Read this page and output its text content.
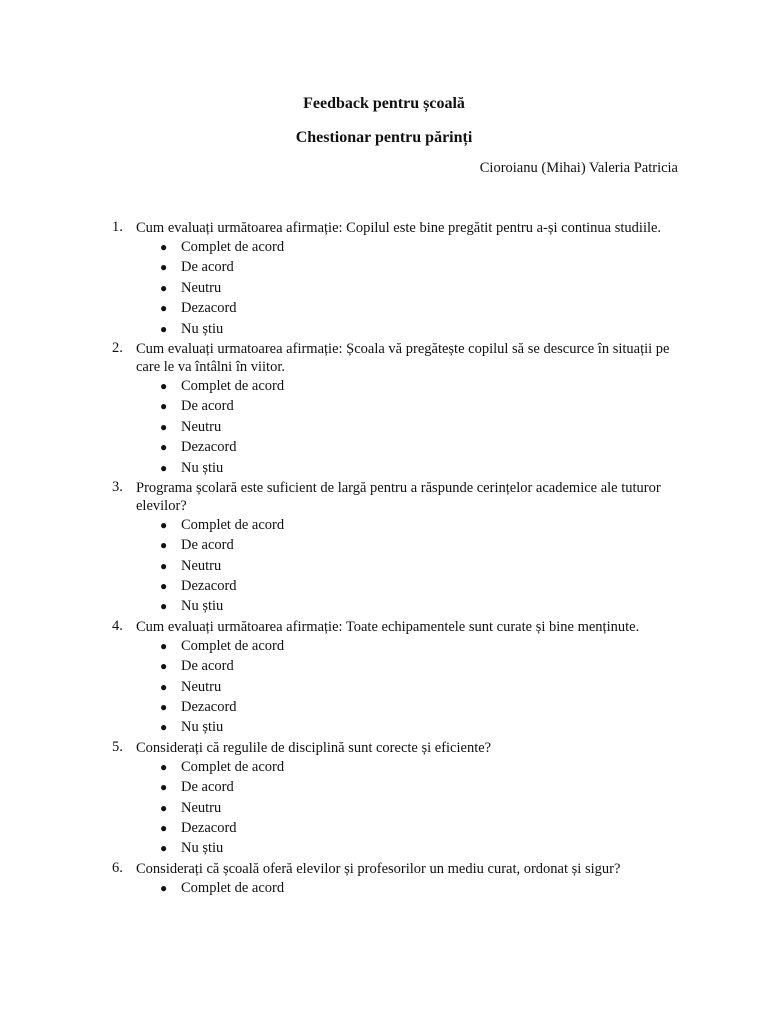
Feedback pentru școală
Chestionar pentru părinți
Cioroianu (Mihai) Valeria Patricia
1. Cum evaluați următoarea afirmație: Copilul este bine pregătit pentru a-și continua studiile.
● Complet de acord
● De acord
● Neutru
● Dezacord
● Nu știu
2. Cum evaluați urmatoarea afirmație: Școala vă pregătește copilul să se descurce în situații pe care le va întâlni în viitor.
● Complet de acord
● De acord
● Neutru
● Dezacord
● Nu știu
3. Programa școlară este suficient de largă pentru a răspunde cerințelor academice ale tuturor elevilor?
● Complet de acord
● De acord
● Neutru
● Dezacord
● Nu știu
4. Cum evaluați următoarea afirmație: Toate echipamentele sunt curate și bine menținute.
● Complet de acord
● De acord
● Neutru
● Dezacord
● Nu știu
5. Considerați că regulile de disciplină sunt corecte și eficiente?
● Complet de acord
● De acord
● Neutru
● Dezacord
● Nu știu
6. Considerați că școală oferă elevilor și profesorilor un mediu curat, ordonat și sigur?
● Complet de acord
